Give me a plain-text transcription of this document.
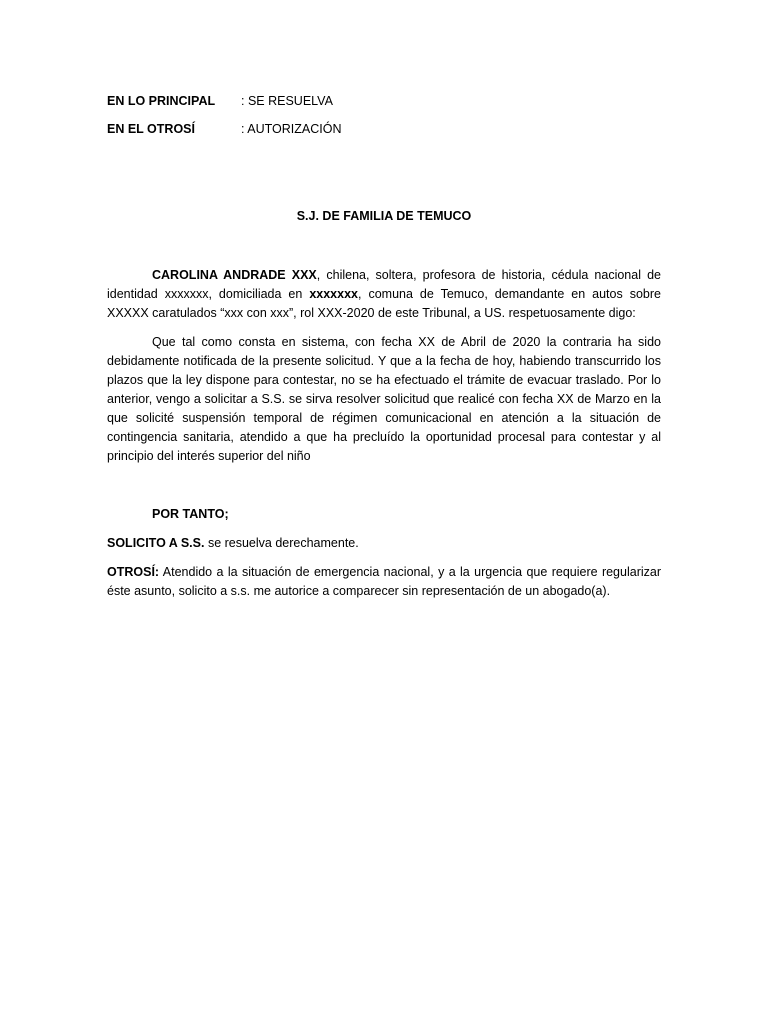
EN LO PRINCIPAL : SE RESUELVA
EN EL OTROSÍ	: AUTORIZACIÓN
S.J. DE FAMILIA DE TEMUCO

CAROLINA ANDRADE XXX, chilena, soltera, profesora de historia, cédula nacional de identidad xxxxxxx, domiciliada en xxxxxxx, comuna de Temuco, demandante en autos sobre XXXXX caratulados “xxx con xxx”, rol XXX-2020 de este Tribunal, a US. respetuosamente digo:

Que tal como consta en sistema, con fecha XX de Abril de 2020 la contraria ha sido debidamente notificada de la presente solicitud. Y que a la fecha de hoy, habiendo transcurrido los plazos que la ley dispone para contestar, no se ha efectuado el trámite de evacuar traslado. Por lo anterior, vengo a solicitar a S.S. se sirva resolver solicitud que realicé con fecha XX de Marzo en la que solicité suspensión temporal de régimen comunicacional en atención a la situación de contingencia sanitaria, atendido a que ha precluído la oportunidad procesal para contestar y al principio del interés superior del niño

POR TANTO;

SOLICITO A S.S. se resuelva derechamente.

OTROSÍ: Atendido a la situación de emergencia nacional, y a la urgencia que requiere regularizar éste asunto, solicito a s.s. me autorice a comparecer sin representación de un abogado(a).
